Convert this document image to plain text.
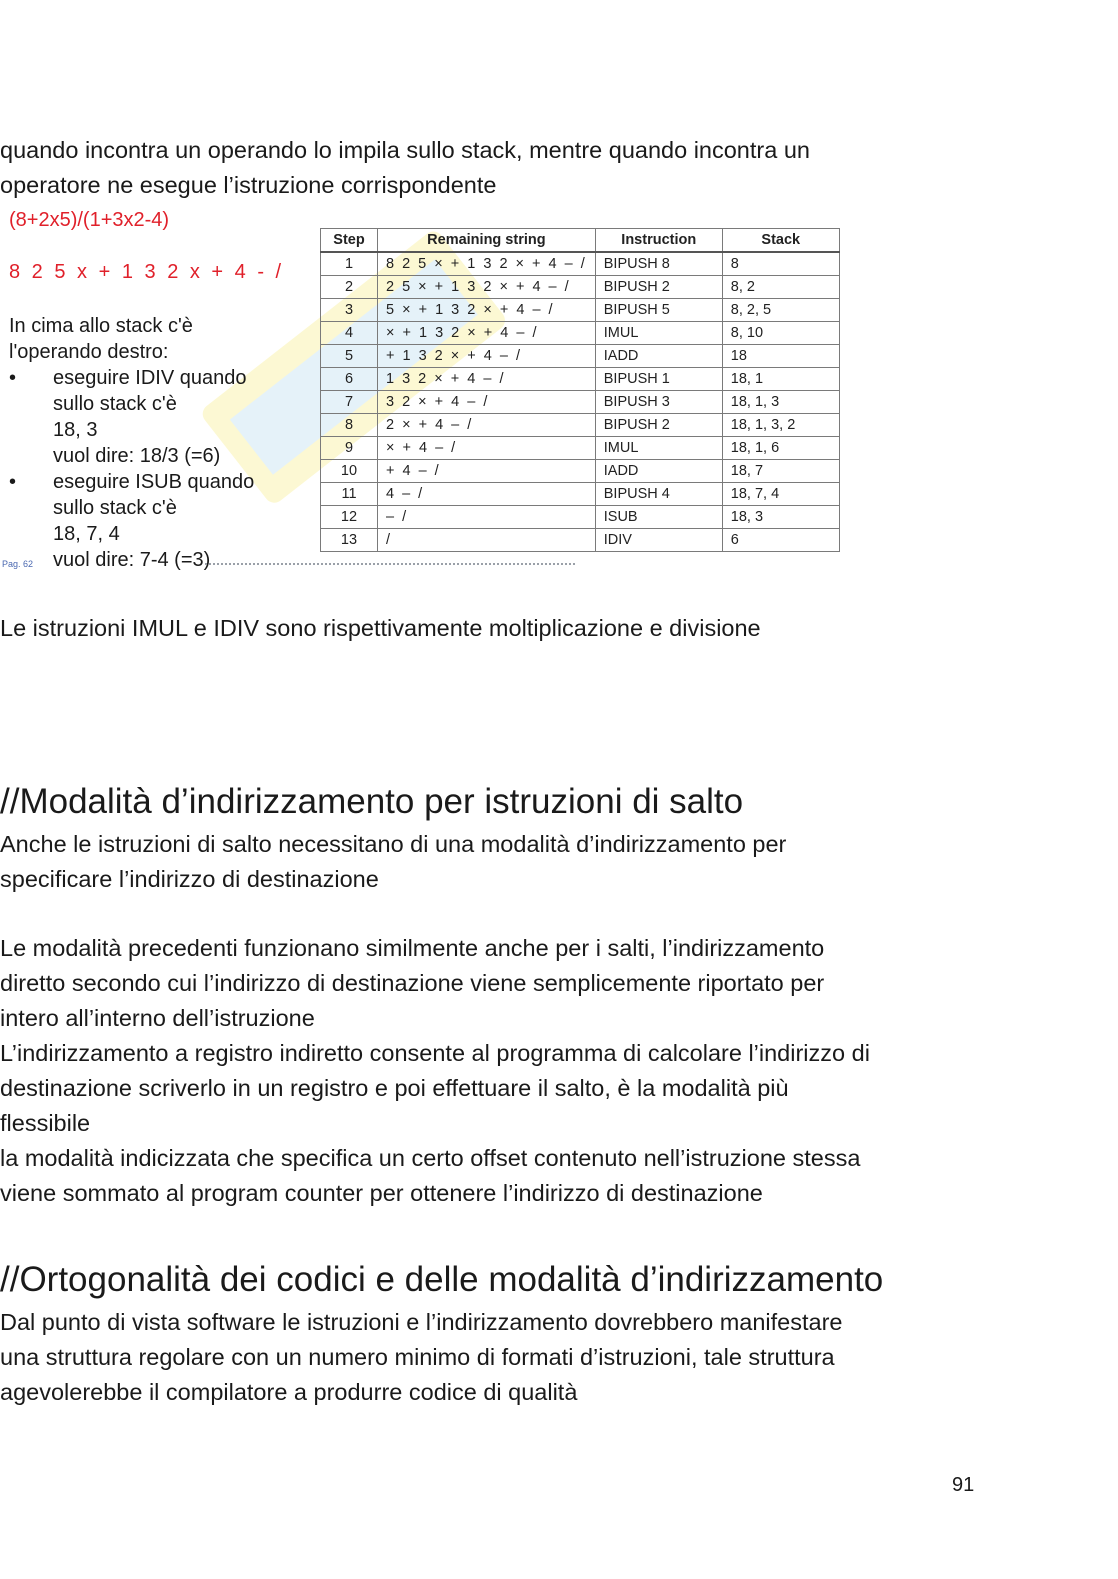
quando incontra un operando lo impila sullo stack, mentre quando incontra un
operatore ne esegue l’istruzione corrispondente

(8+2x5)/(1+3x2-4)
8 2 5 x + 1 3 2 x + 4 - /
In cima allo stack c'è
l'operando destro:
• eseguire IDIV quando
sullo stack c'è
18, 3
vuol dire: 18/3 (=6)
• eseguire ISUB quando
sullo stack c'è
18, 7, 4
vuol dire: 7-4 (=3)
Pag. 62
Step	Remaining string	Instruction	Stack
1	8 2 5 × + 1 3 2 × + 4 – /	BIPUSH 8	8
2	2 5 × + 1 3 2 × + 4 – /	BIPUSH 2	8, 2
3	5 × + 1 3 2 × + 4 – /	BIPUSH 5	8, 2, 5
4	× + 1 3 2 × + 4 – /	IMUL	8, 10
5	+ 1 3 2 × + 4 – /	IADD	18
6	1 3 2 × + 4 – /	BIPUSH 1	18, 1
7	3 2 × + 4 – /	BIPUSH 3	18, 1, 3
8	2 × + 4 – /	BIPUSH 2	18, 1, 3, 2
9	× + 4 – /	IMUL	18, 1, 6
10	+ 4 – /	IADD	18, 7
11	4 – /	BIPUSH 4	18, 7, 4
12	– /	ISUB	18, 3
13	/	IDIV	6

Le istruzioni IMUL e IDIV sono rispettivamente moltiplicazione e divisione

//Modalità d’indirizzamento per istruzioni di salto

Anche le istruzioni di salto necessitano di una modalità d’indirizzamento per
specificare l’indirizzo di destinazione

Le modalità precedenti funzionano similmente anche per i salti, l’indirizzamento
diretto secondo cui l’indirizzo di destinazione viene semplicemente riportato per
intero all’interno dell’istruzione
L’indirizzamento a registro indiretto consente al programma di calcolare l’indirizzo di
destinazione scriverlo in un registro e poi effettuare il salto, è la modalità più
flessibile
la modalità indicizzata che specifica un certo offset contenuto nell’istruzione stessa
viene sommato al program counter per ottenere l’indirizzo di destinazione

//Ortogonalità dei codici e delle modalità d’indirizzamento

Dal punto di vista software le istruzioni e l’indirizzamento dovrebbero manifestare
una struttura regolare con un numero minimo di formati d’istruzioni, tale struttura
agevolerebbe il compilatore a produrre codice di qualità

91
